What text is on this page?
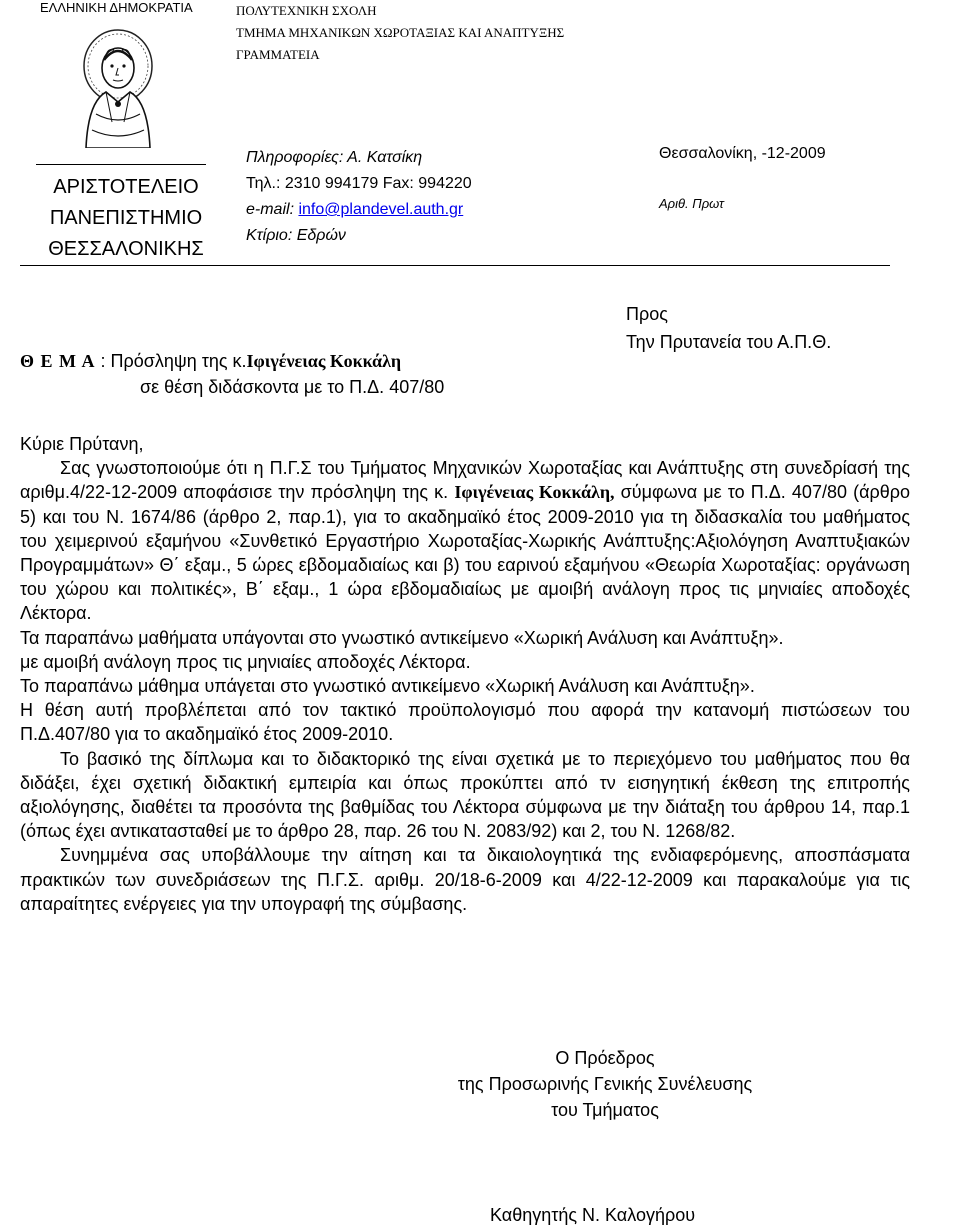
ΕΛΛΗΝΙΚΗ ΔΗΜΟΚΡΑΤΙΑ	ΠΟΛΥΤΕΧΝΙΚΗ ΣΧΟΛΗ
ΤΜΗΜΑ ΜΗΧΑΝΙΚΩΝ ΧΩΡΟΤΑΞΙΑΣ ΚΑΙ ΑΝΑΠΤΥΞΗΣ
ΓΡΑΜΜΑΤΕΙΑ
ΑΡΙΣΤΟΤΕΛΕΙΟ
ΠΑΝΕΠΙΣΤΗΜΙΟ
ΘΕΣΣΑΛΟΝΙΚΗΣ
Πληροφορίες: Α. Κατσίκη
Τηλ.: 2310 994179 Fax: 994220
e-mail: info@plandevel.auth.gr
Κτίριο: Εδρών
Θεσσαλονίκη, -12-2009
Αριθ. Πρωτ
Προς
Την Πρυτανεία του Α.Π.Θ.
Θ Ε Μ Α : Πρόσληψη της κ.Ιφιγένειας Κοκκάλη
σε θέση διδάσκοντα με το Π.Δ. 407/80

Κύριε Πρύτανη,

Σας γνωστοποιούμε ότι η Π.Γ.Σ του Τμήματος Μηχανικών Χωροταξίας και Ανάπτυξης στη συνεδρίασή της αριθμ.4/22-12-2009 αποφάσισε την πρόσληψη της κ. Ιφιγένειας Κοκκάλη, σύμφωνα με το Π.Δ. 407/80 (άρθρο 5) και του Ν. 1674/86 (άρθρο 2, παρ.1), για το ακαδημαϊκό έτος 2009-2010 για τη διδασκαλία του μαθήματος του χειμερινού εξαμήνου «Συνθετικό Εργαστήριο Χωροταξίας-Χωρικής Ανάπτυξης:Αξιολόγηση Αναπτυξιακών Προγραμμάτων» Θ΄ εξαμ., 5 ώρες εβδομαδιαίως και β) του εαρινού εξαμήνου «Θεωρία Χωροταξίας: οργάνωση του χώρου και πολιτικές», Β΄ εξαμ., 1 ώρα εβδομαδιαίως με αμοιβή ανάλογη προς τις μηνιαίες αποδοχές Λέκτορα.

Τα παραπάνω μαθήματα υπάγονται στο γνωστικό αντικείμενο «Χωρική Ανάλυση και Ανάπτυξη».

με αμοιβή ανάλογη προς τις μηνιαίες αποδοχές Λέκτορα.

Το παραπάνω μάθημα υπάγεται στο γνωστικό αντικείμενο «Χωρική Ανάλυση και Ανάπτυξη».

Η θέση αυτή προβλέπεται από τον τακτικό προϋπολογισμό που αφορά την κατανομή πιστώσεων του Π.Δ.407/80 για το ακαδημαϊκό έτος 2009-2010.

Το βασικό της δίπλωμα και το διδακτορικό της είναι σχετικά με το περιεχόμενο του μαθήματος που θα διδάξει, έχει σχετική διδακτική εμπειρία και όπως προκύπτει από τν εισηγητική έκθεση της επιτροπής αξιολόγησης, διαθέτει τα προσόντα της βαθμίδας του Λέκτορα σύμφωνα με την διάταξη του άρθρου 14, παρ.1 (όπως έχει αντικατασταθεί με το άρθρο 28, παρ. 26 του Ν. 2083/92) και 2, του Ν. 1268/82.

Συνημμένα σας υποβάλλουμε την αίτηση και τα δικαιολογητικά της ενδιαφερόμενης, αποσπάσματα πρακτικών των συνεδριάσεων της Π.Γ.Σ. αριθμ. 20/18-6-2009 και 4/22-12-2009 και παρακαλούμε για τις απαραίτητες ενέργειες για την υπογραφή της σύμβασης.

Ο Πρόεδρος
της Προσωρινής Γενικής Συνέλευσης
του Τμήματος
Καθηγητής Ν. Καλογήρου
